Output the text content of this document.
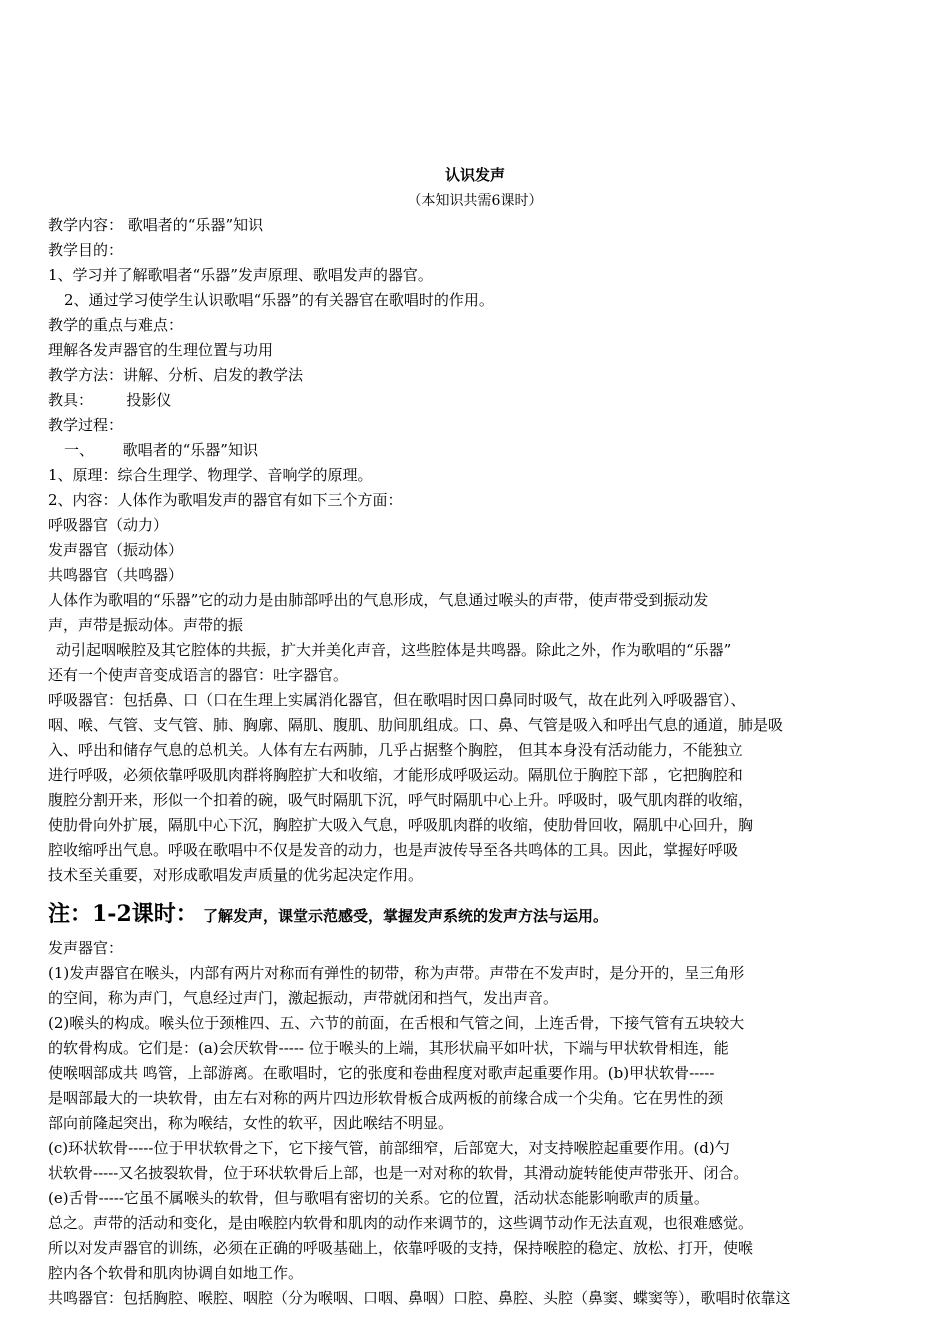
认识发声
（本知识共需6课时）
教学内容： 歌唱者的“乐器”知识
教学目的：
1、学习并了解歌唱者“乐器”发声原理、歌唱发声的器官。
2、通过学习使学生认识歌唱“乐器”的有关器官在歌唱时的作用。
教学的重点与难点：
理解各发声器官的生理位置与功用
教学方法：讲解、分析、启发的教学法
教具：       投影仪
教学过程：
一、      歌唱者的“乐器”知识
1、原理：综合生理学、物理学、音响学的原理。
2、内容：人体作为歌唱发声的器官有如下三个方面：
呼吸器官（动力）
发声器官（振动体）
共鸣器官（共鸣器）
人体作为歌唱的“乐器”它的动力是由肺部呼出的气息形成，气息通过喉头的声带，使声带受到振动发
声，声带是振动体。声带的振
动引起咽喉腔及其它腔体的共振，扩大并美化声音，这些腔体是共鸣器。除此之外，作为歌唱的“乐器”
还有一个使声音变成语言的器官：吐字器官。
呼吸器官：包括鼻、口（口在生理上实属消化器官，但在歌唱时因口鼻同时吸气，故在此列入呼吸器官）、
咽、喉、气管、支气管、肺、胸廓、隔肌、腹肌、肋间肌组成。口、鼻、气管是吸入和呼出气息的通道，肺是吸
入、呼出和储存气息的总机关。人体有左右两肺，几乎占据整个胸腔， 但其本身没有活动能力，不能独立
进行呼吸，必须依靠呼吸肌肉群将胸腔扩大和收缩，才能形成呼吸运动。隔肌位于胸腔下部 ，它把胸腔和
腹腔分割开来，形似一个扣着的碗，吸气时隔肌下沉，呼气时隔肌中心上升。呼吸时，吸气肌肉群的收缩，
使肋骨向外扩展，隔肌中心下沉，胸腔扩大吸入气息，呼吸肌肉群的收缩，使肋骨回收，隔肌中心回升，胸
腔收缩呼出气息。呼吸在歌唱中不仅是发音的动力，也是声波传导至各共鸣体的工具。因此，掌握好呼吸
技术至关重要，对形成歌唱发声质量的优劣起决定作用。
注：1-2课时： 了解发声，课堂示范感受，掌握发声系统的发声方法与运用。
发声器官：
(1)发声器官在喉头，内部有两片对称而有弹性的韧带，称为声带。声带在不发声时，是分开的，呈三角形
的空间，称为声门，气息经过声门，激起振动，声带就闭和挡气，发出声音。
(2)喉头的构成。喉头位于颈椎四、五、六节的前面，在舌根和气管之间，上连舌骨，下接气管有五块较大
的软骨构成。它们是：(a)会厌软骨----- 位于喉头的上端，其形状扁平如叶状，下端与甲状软骨相连，能
使喉咽部成共 鸣管，上部游离。在歌唱时，它的张度和卷曲程度对歌声起重要作用。(b)甲状软骨-----
是咽部最大的一块软骨，由左右对称的两片四边形软骨板合成两板的前缘合成一个尖角。它在男性的颈
部向前隆起突出，称为喉结，女性的软平，因此喉结不明显。
(c)环状软骨-----位于甲状软骨之下，它下接气管，前部细窄，后部宽大，对支持喉腔起重要作用。(d)勺
状软骨-----又名披裂软骨，位于环状软骨后上部，也是一对对称的软骨，其滑动旋转能使声带张开、闭合。
(e)舌骨-----它虽不属喉头的软骨，但与歌唱有密切的关系。它的位置，活动状态能影响歌声的质量。
总之。声带的活动和变化，是由喉腔内软骨和肌肉的动作来调节的，这些调节动作无法直观，也很难感觉。
所以对发声器官的训练，必须在正确的呼吸基础上，依靠呼吸的支持，保持喉腔的稳定、放松、打开，使喉
腔内各个软骨和肌肉协调自如地工作。
共鸣器官：包括胸腔、喉腔、咽腔（分为喉咽、口咽、鼻咽）口腔、鼻腔、头腔（鼻窦、蝶窦等），歌唱时依靠这
